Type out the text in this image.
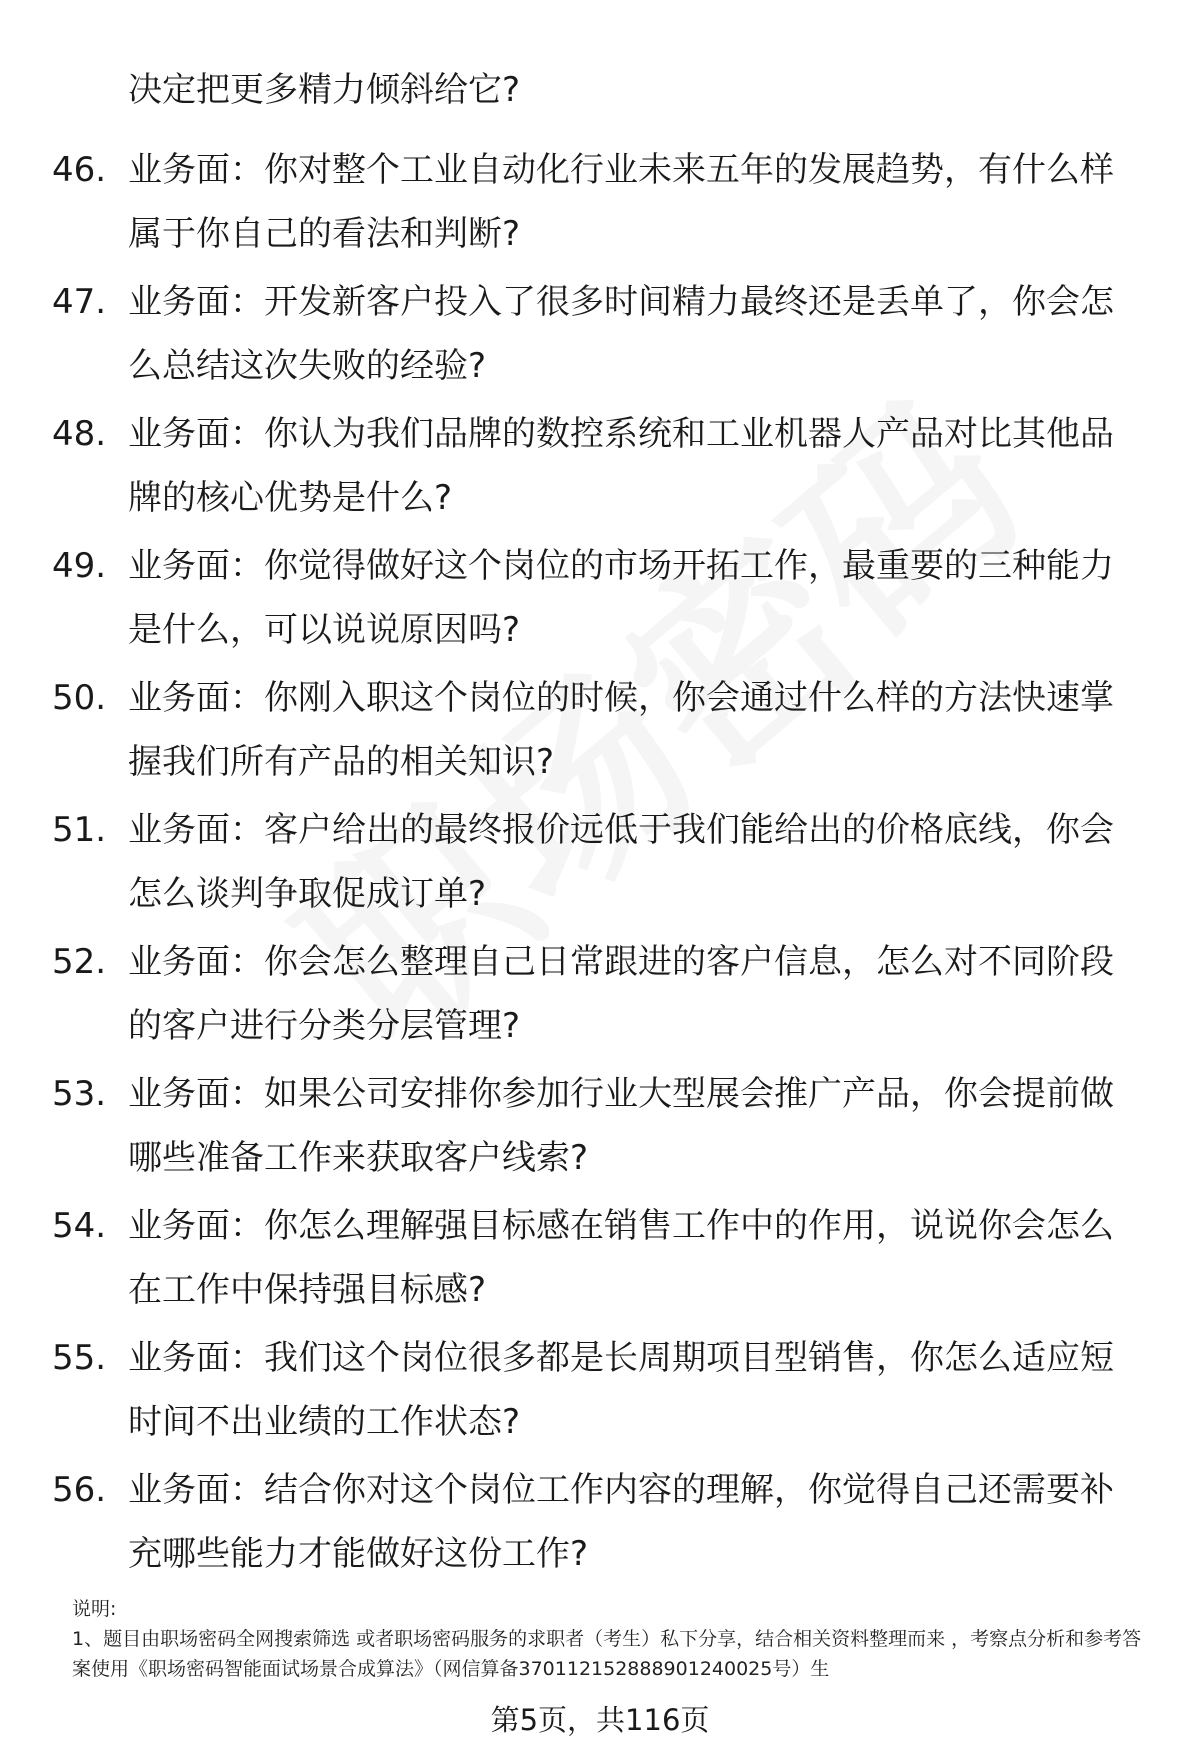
决定把更多精力倾斜给它?
46. 业务面：你对整个工业自动化行业未来五年的发展趋势，有什么样属于你自己的看法和判断?
47. 业务面：开发新客户投入了很多时间精力最终还是丢单了，你会怎么总结这次失败的经验?
48. 业务面：你认为我们品牌的数控系统和工业机器人产品对比其他品牌的核心优势是什么?
49. 业务面：你觉得做好这个岗位的市场开拓工作，最重要的三种能力是什么，可以说说原因吗?
50. 业务面：你刚入职这个岗位的时候，你会通过什么样的方法快速掌握我们所有产品的相关知识?
51. 业务面：客户给出的最终报价远低于我们能给出的价格底线，你会怎么谈判争取促成订单?
52. 业务面：你会怎么整理自己日常跟进的客户信息，怎么对不同阶段的客户进行分类分层管理?
53. 业务面：如果公司安排你参加行业大型展会推广产品，你会提前做哪些准备工作来获取客户线索?
54. 业务面：你怎么理解强目标感在销售工作中的作用，说说你会怎么在工作中保持强目标感?
55. 业务面：我们这个岗位很多都是长周期项目型销售，你怎么适应短时间不出业绩的工作状态?
56. 业务面：结合你对这个岗位工作内容的理解，你觉得自己还需要补充哪些能力才能做好这份工作?
说明:
1、题目由职场密码全网搜索筛选 或者职场密码服务的求职者（考生）私下分享，结合相关资料整理而来 ，考察点分析和参考答案使用《职场密码智能面试场景合成算法》（网信算备370112152888901240025号）生
第5页，共116页
